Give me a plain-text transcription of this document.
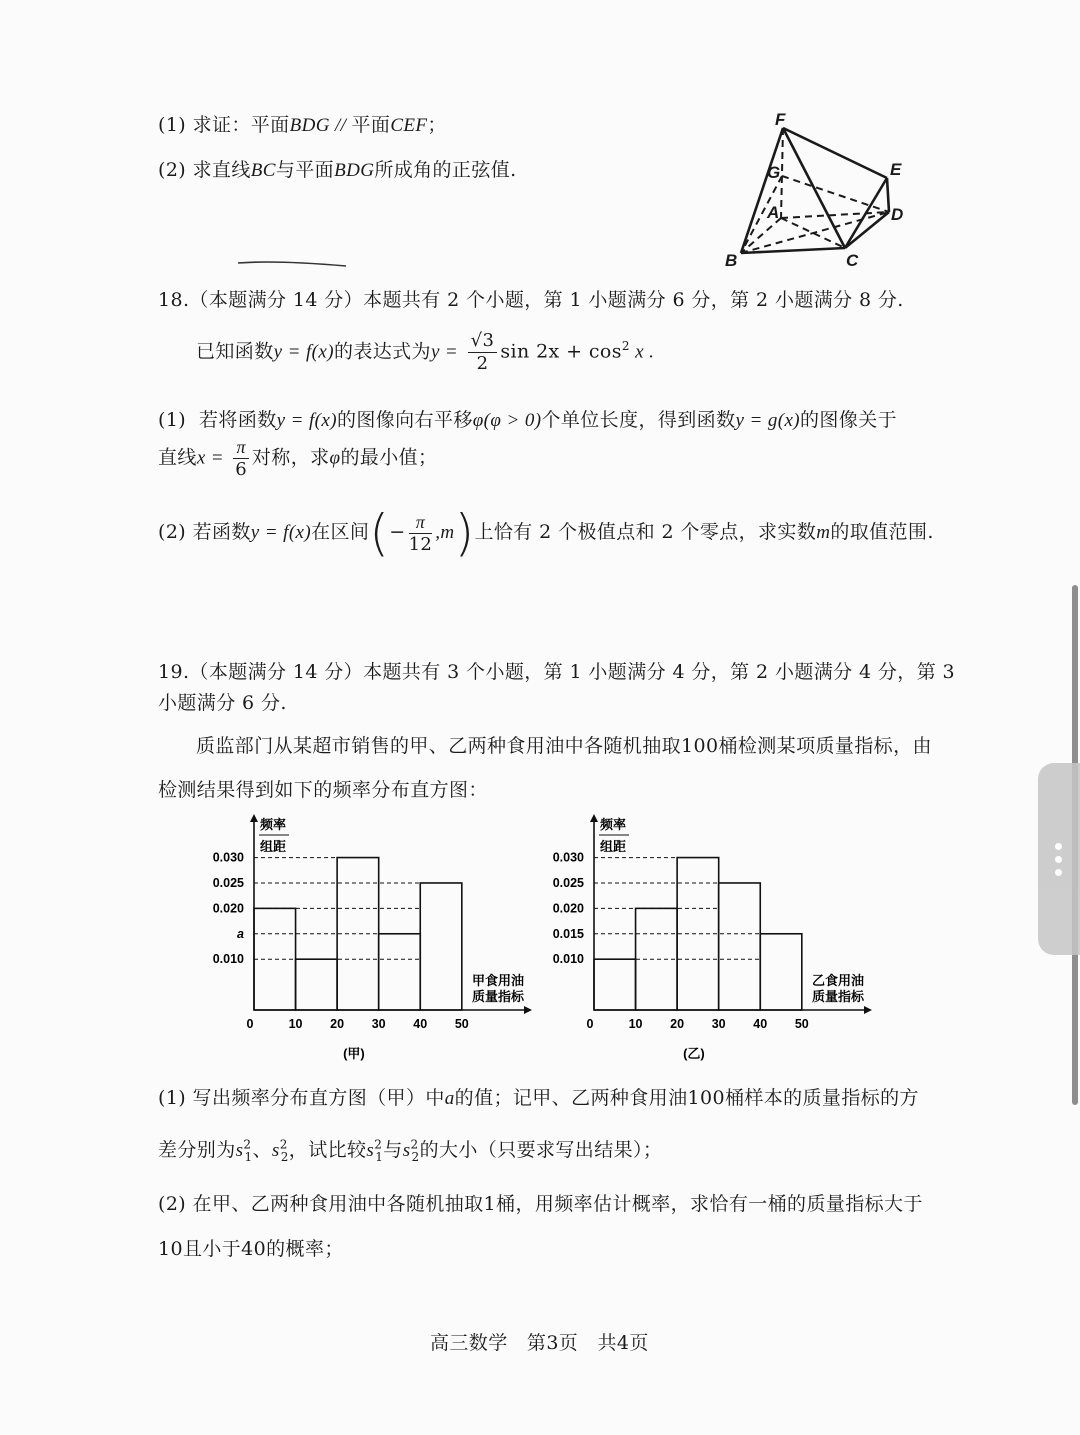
(1) 求证：平面BDG // 平面CEF；
(2) 求直线BC与平面BDG所成角的正弦值.
F
G	E
A	D
B	C
18.（本题满分 14 分）本题共有 2 个小题，第 1 小题满分 6 分，第 2 小题满分 8 分.
已知函数y = f(x)的表达式为$y = \frac{√3}{2}$ $\sin 2x + \cos^2 x$ .
(1) 若将函数y = f(x)的图像向右平移φ(φ > 0)个单位长度，得到函数y = g(x)的图像关于
直线$x = \frac{\pi}{6}$ 对称，求φ的最小值；
(2) 若函数y = f(x)在区间(− $\frac{\pi}{12} ,m$)上恰有 2 个极值点和 2 个零点，求实数m的取值范围.
19.（本题满分 14 分）本题共有 3 个小题，第 1 小题满分 4 分，第 2 小题满分 4 分，第 3
小题满分 6 分.
质监部门从某超市销售的甲、乙两种食用油中各随机抽取100桶检测某项质量指标，由
检测结果得到如下的频率分布直方图：
频率
组距
0.030
0.025
0.020
a
0.010
0	10 20 30 40 50
甲食用油
质量指标
(甲)
频率
组距
0.030
0.025
0.020
0.015
0.010
0	10 20 30 40 50
乙食用油
质量指标
(乙)
(1) 写出频率分布直方图（甲）中a的值；记甲、乙两种食用油100桶样本的质量指标的方
差分别为$s^2_1$、$s^2_2$，试比较$s^2_1$与$s^2_2$的大小（只要求写出结果）；
(2) 在甲、乙两种食用油中各随机抽取1桶，用频率估计概率，求恰有一桶的质量指标大于
10且小于40的概率；
高三数学   第3页   共4页
